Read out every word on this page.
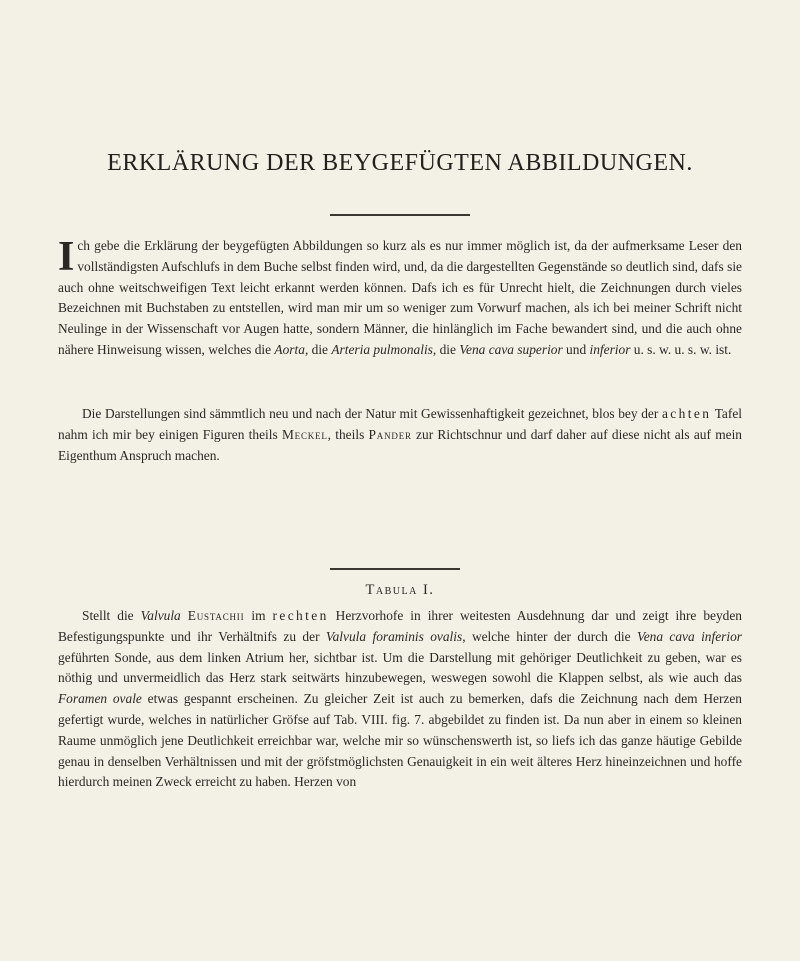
ERKLÄRUNG DER BEYGEFÜGTEN ABBILDUNGEN.
Ich gebe die Erklärung der beygefügten Abbildungen so kurz als es nur immer möglich ist, da der aufmerksame Leser den vollständigsten Aufschlufs in dem Buche selbst finden wird, und, da die dargestellten Gegenstände so deutlich sind, dafs sie auch ohne weitschweifigen Text leicht erkannt werden können. Dafs ich es für Unrecht hielt, die Zeichnungen durch vieles Bezeichnen mit Buchstaben zu entstellen, wird man mir um so weniger zum Vorwurf machen, als ich bei meiner Schrift nicht Neulinge in der Wissenschaft vor Augen hatte, sondern Männer, die hinlänglich im Fache bewandert sind, und die auch ohne nähere Hinweisung wissen, welches die Aorta, die Arteria pulmonalis, die Vena cava superior und inferior u. s. w. u. s. w. ist.
Die Darstellungen sind sämmtlich neu und nach der Natur mit Gewissenhaftigkeit gezeichnet, blos bey der achten Tafel nahm ich mir bey einigen Figuren theils Meckel, theils Pander zur Richtschnur und darf daher auf diese nicht als auf mein Eigenthum Anspruch machen.
Tabula I.
Stellt die Valvula Eustachii im rechten Herzvorhofe in ihrer weitesten Ausdehnung dar und zeigt ihre beyden Befestigungspunkte und ihr Verhältnifs zu der Valvula foraminis ovalis, welche hinter der durch die Vena cava inferior geführten Sonde, aus dem linken Atrium her, sichtbar ist. Um die Darstellung mit gehöriger Deutlichkeit zu geben, war es nöthig und unvermeidlich das Herz stark seitwärts hinzubewegen, weswegen sowohl die Klappen selbst, als wie auch das Foramen ovale etwas gespannt erscheinen. Zu gleicher Zeit ist auch zu bemerken, dafs die Zeichnung nach dem Herzen gefertigt wurde, welches in natürlicher Gröfse auf Tab. VIII. fig. 7. abgebildet zu finden ist. Da nun aber in einem so kleinen Raume unmöglich jene Deutlichkeit erreichbar war, welche mir so wünschenswerth ist, so liefs ich das ganze häutige Gebilde genau in denselben Verhältnissen und mit der gröfstmöglichsten Genauigkeit in ein weit älteres Herz hineinzeichnen und hoffe hierdurch meinen Zweck erreicht zu haben. Herzen von
